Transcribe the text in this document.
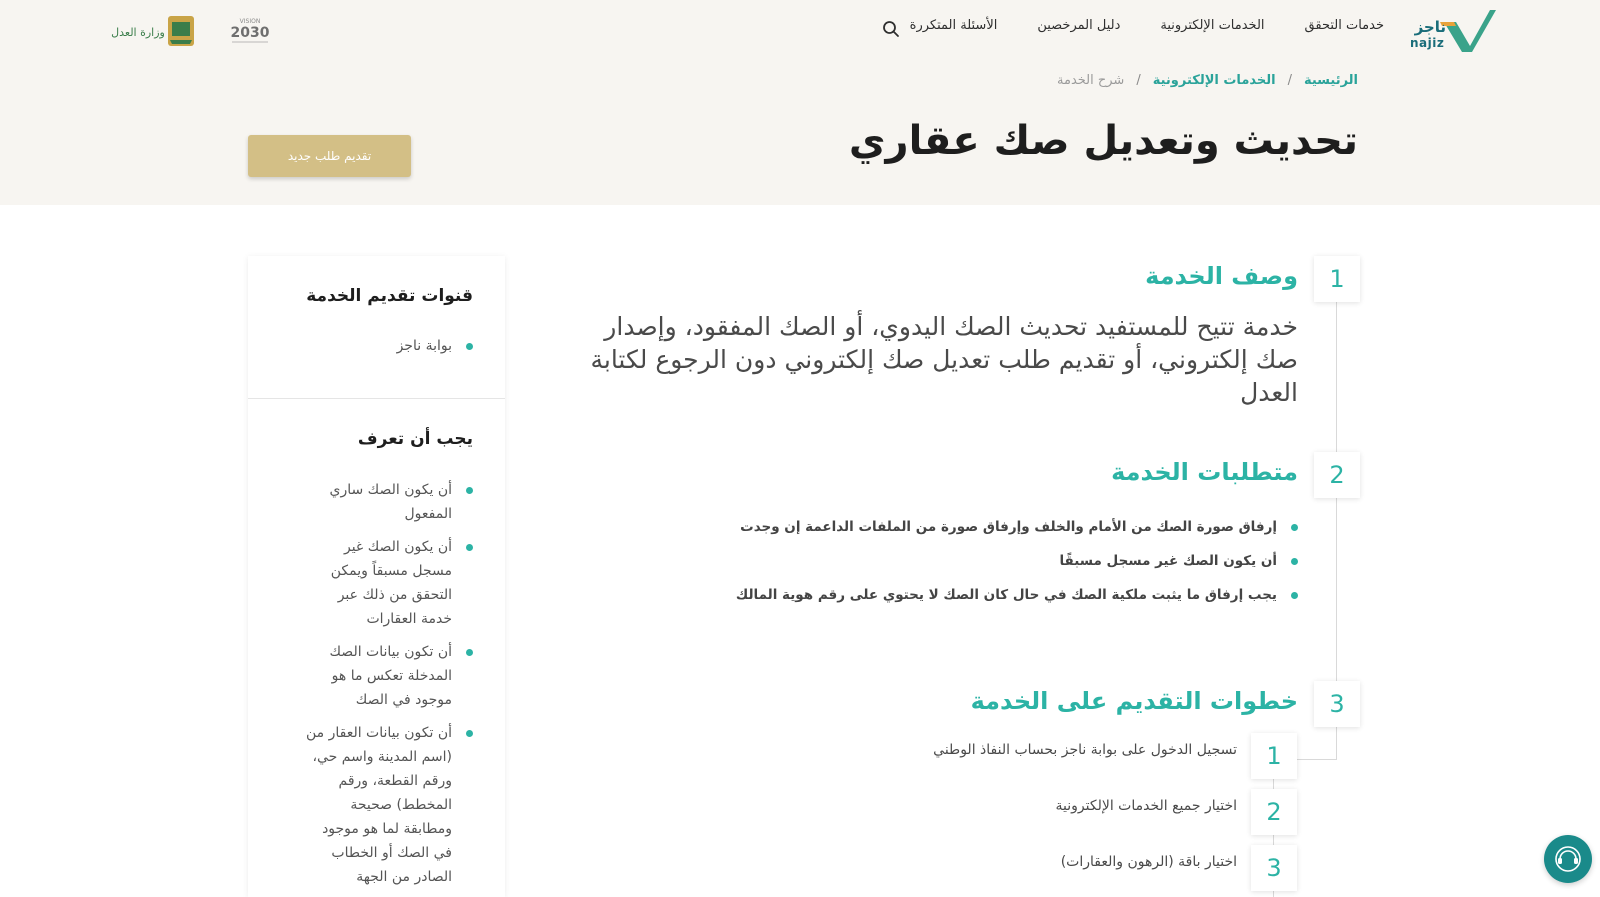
ناجز
najiz
خدمات التحقق
الخدمات الإلكترونية
دليل المرخصين
الأسئلة المتكررة
VISION
2030
وزارة العدل
الرئيسية
/
الخدمات الإلكترونية
/
شرح الخدمة
تحديث وتعديل صك عقاري
تقديم طلب جديد
1
وصف الخدمة

خدمة تتيح للمستفيد تحديث الصك اليدوي، أو الصك المفقود، وإصدار صك إلكتروني، أو تقديم طلب تعديل صك إلكتروني دون الرجوع لكتابة العدل

2
متطلبات الخدمة
إرفاق صورة الصك من الأمام والخلف وإرفاق صورة من الملفات الداعمة إن وجدت
أن يكون الصك غير مسجل مسبقًا
يجب إرفاق ما يثبت ملكية الصك في حال كان الصك لا يحتوي على رقم هوية المالك
3
خطوات التقديم على الخدمة
1
تسجيل الدخول على بوابة ناجز بحساب النفاذ الوطني
2
اختيار جميع الخدمات الإلكترونية
3
اختيار باقة (الرهون والعقارات)
قنوات تقديم الخدمة
بوابة ناجز
يجب أن تعرف
أن يكون الصك ساري المفعول
أن يكون الصك غير مسجل مسبقاً ويمكن التحقق من ذلك عبر خدمة العقارات
أن تكون بيانات الصك المدخلة تعكس ما هو موجود في الصك
أن تكون بيانات العقار من (اسم المدينة واسم حي، ورقم القطعة، ورقم المخطط) صحيحة ومطابقة لما هو موجود في الصك أو الخطاب الصادر من الجهة
